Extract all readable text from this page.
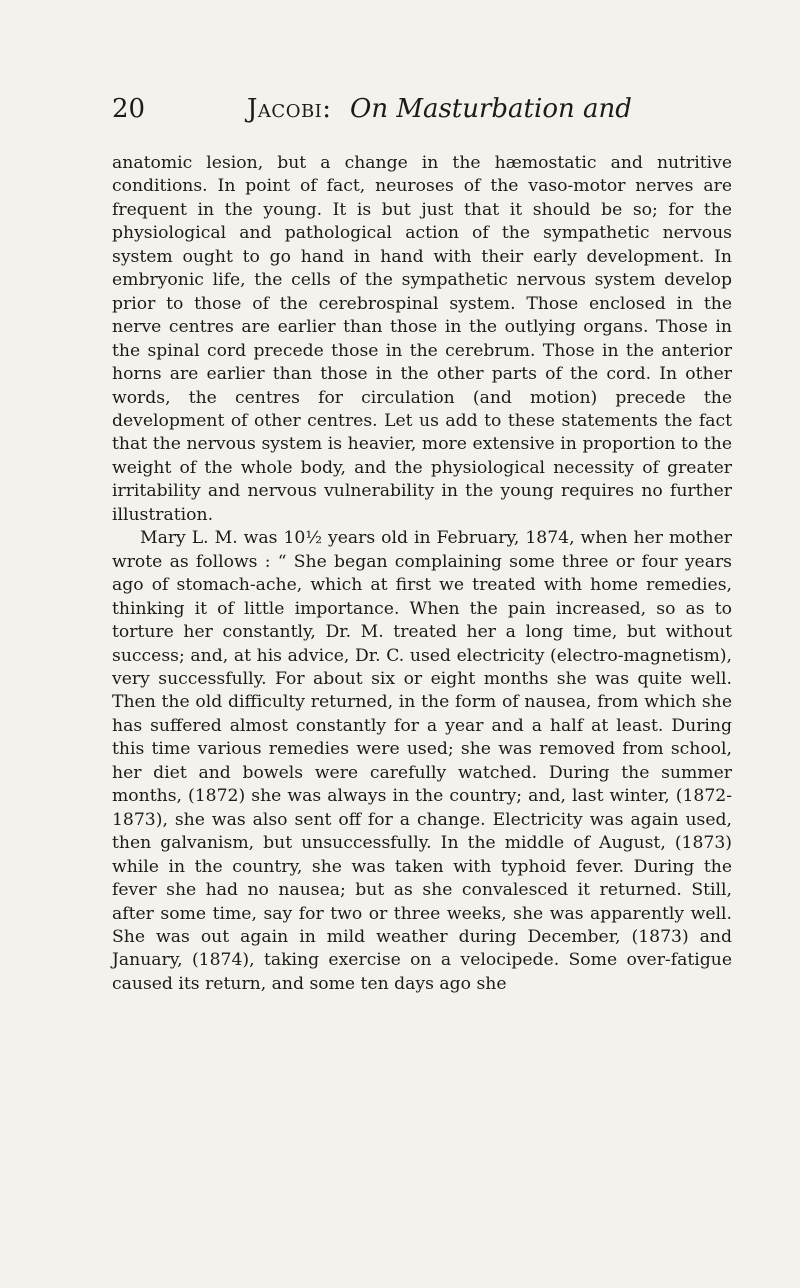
20	Jacobi: On Masturbation and

anatomic lesion, but a change in the hæmostatic and nutritive conditions. In point of fact, neuroses of the vaso-motor nerves are frequent in the young. It is but just that it should be so; for the physiological and pathological action of the sympathetic nervous system ought to go hand in hand with their early development. In embryonic life, the cells of the sympathetic nervous system develop prior to those of the cerebrospinal system. Those enclosed in the nerve centres are earlier than those in the outlying organs. Those in the spinal cord precede those in the cerebrum. Those in the anterior horns are earlier than those in the other parts of the cord. In other words, the centres for circulation (and motion) precede the development of other centres. Let us add to these statements the fact that the nervous system is heavier, more extensive in proportion to the weight of the whole body, and the physiological necessity of greater irritability and nervous vulnerability in the young requires no further illustration.

Mary L. M. was 10½ years old in February, 1874, when her mother wrote as follows : “ She began complaining some three or four years ago of stomach-ache, which at first we treated with home remedies, thinking it of little importance. When the pain increased, so as to torture her constantly, Dr. M. treated her a long time, but without success; and, at his advice, Dr. C. used electricity (electro-magnetism), very successfully. For about six or eight months she was quite well. Then the old difficulty returned, in the form of nausea, from which she has suffered almost constantly for a year and a half at least. During this time various remedies were used; she was removed from school, her diet and bowels were carefully watched. During the summer months, (1872) she was always in the country; and, last winter, (1872-1873), she was also sent off for a change. Electricity was again used, then galvanism, but unsuccessfully. In the middle of August, (1873) while in the country, she was taken with typhoid fever. During the fever she had no nausea; but as she convalesced it returned. Still, after some time, say for two or three weeks, she was apparently well. She was out again in mild weather during December, (1873) and January, (1874), taking exercise on a velocipede. Some over-fatigue caused its return, and some ten days ago she
